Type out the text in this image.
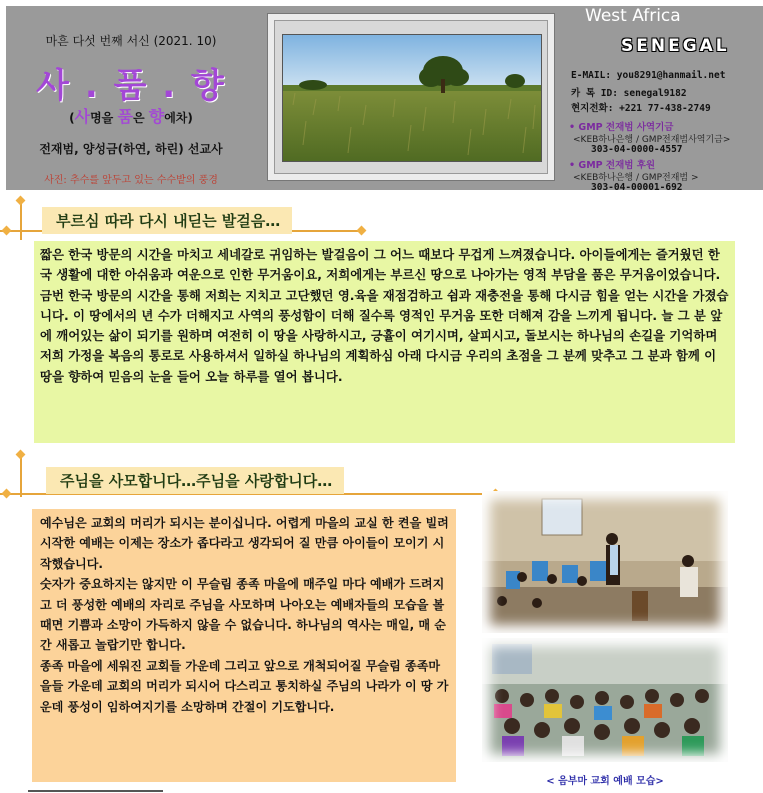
마흔 다섯 번째 서신 (2021. 10)
사 . 품 . 향
(사명을 품은 향에차)
전재범, 양성금(하연, 하린) 선교사
사진: 추수를 앞두고 있는 수수밭의 풍경
West Africa
SENEGAL
E-MAIL: you8291@hanmail.net
카 톡 ID: senegal9182
현지전화: +221 77-438-2749
• GMP 전재범 사역기금
<KEB하나은행 / GMP전재범사역기금>
303-04-0000-4557
• GMP 전재범 후원
<KEB하나은행 / GMP전재범 >
303-04-00001-692
부르심 따라 다시 내딛는 발걸음…

짧은 한국 방문의 시간을 마치고 세네갈로 귀임하는 발걸음이 그 어느 때보다 무겁게 느껴졌습니다. 아이들에게는 즐거웠던 한국 생활에 대한 아쉬움과 여운으로 인한 무거움이요, 저희에게는 부르신 땅으로 나아가는 영적 부담을 품은 무거움이었습니다.

금번 한국 방문의 시간을 통해 저희는 지치고 고단했던 영.육을 재점검하고 쉼과 재충전을 통해 다시금 힘을 얻는 시간을 가졌습니다. 이 땅에서의 년 수가 더해지고 사역의 풍성함이 더해 질수록 영적인 무거움 또한 더해져 감을 느끼게 됩니다. 늘 그 분 앞에 깨어있는 삶이 되기를 원하며 여전히 이 땅을 사랑하시고, 긍휼이 여기시며, 살피시고, 돌보시는 하나님의 손길을 기억하며 저희 가정을 복음의 통로로 사용하셔서 일하실 하나님의 계획하심 아래 다시금 우리의 초점을 그 분께 맞추고 그 분과 함께 이 땅을 향하여 믿음의 눈을 들어 오늘 하루를 열어 봅니다.

주님을 사모합니다…주님을 사랑합니다…

예수님은 교회의 머리가 되시는 분이십니다. 어렵게 마을의 교실 한 켠을 빌려 시작한 예배는 이제는 장소가 좁다라고 생각되어 질 만큼 아이들이 모이기 시작했습니다.

숫자가 중요하지는 않지만 이 무슬림 종족 마을에 매주일 마다 예배가 드려지고 더 풍성한 예배의 자리로 주님을 사모하며 나아오는 예배자들의 모습을 볼 때면 기쁨과 소망이 가득하지 않을 수 없습니다. 하나님의 역사는 매일, 매 순간 새롭고 놀랍기만 합니다.

종족 마을에 세워진 교회들 가운데 그리고 앞으로 개척되어질 무슬림 종족마을들 가운데 교회의 머리가 되시어 다스리고 통치하실 주님의 나라가 이 땅 가운데 풍성이 임하여지기를 소망하며 간절이 기도합니다.

< 음부마 교회 예배 모습>
